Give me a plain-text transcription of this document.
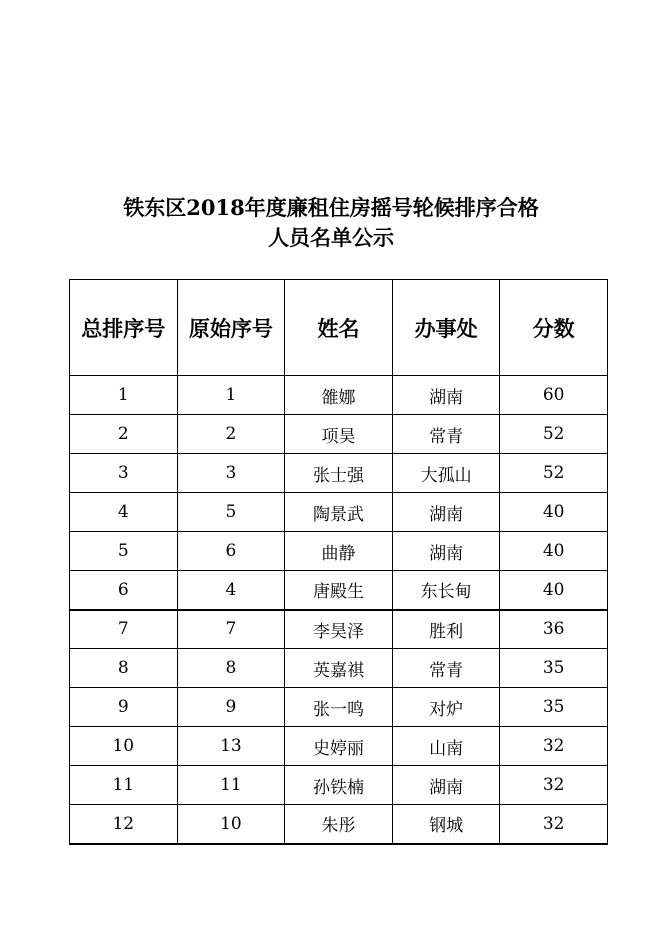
铁东区2018年度廉租住房摇号轮候排序合格
人员名单公示
总排序号	原始序号	姓名	办事处	分数
1	1	雒娜	湖南	60
2	2	项昊	常青	52
3	3	张士强	大孤山	52
4	5	陶景武	湖南	40
5	6	曲静	湖南	40
6	4	唐殿生	东长甸	40
7	7	李昊泽	胜利	36
8	8	英嘉祺	常青	35
9	9	张一鸣	对炉	35
10	13	史婷丽	山南	32
11	11	孙铁楠	湖南	32
12	10	朱彤	钢城	32
